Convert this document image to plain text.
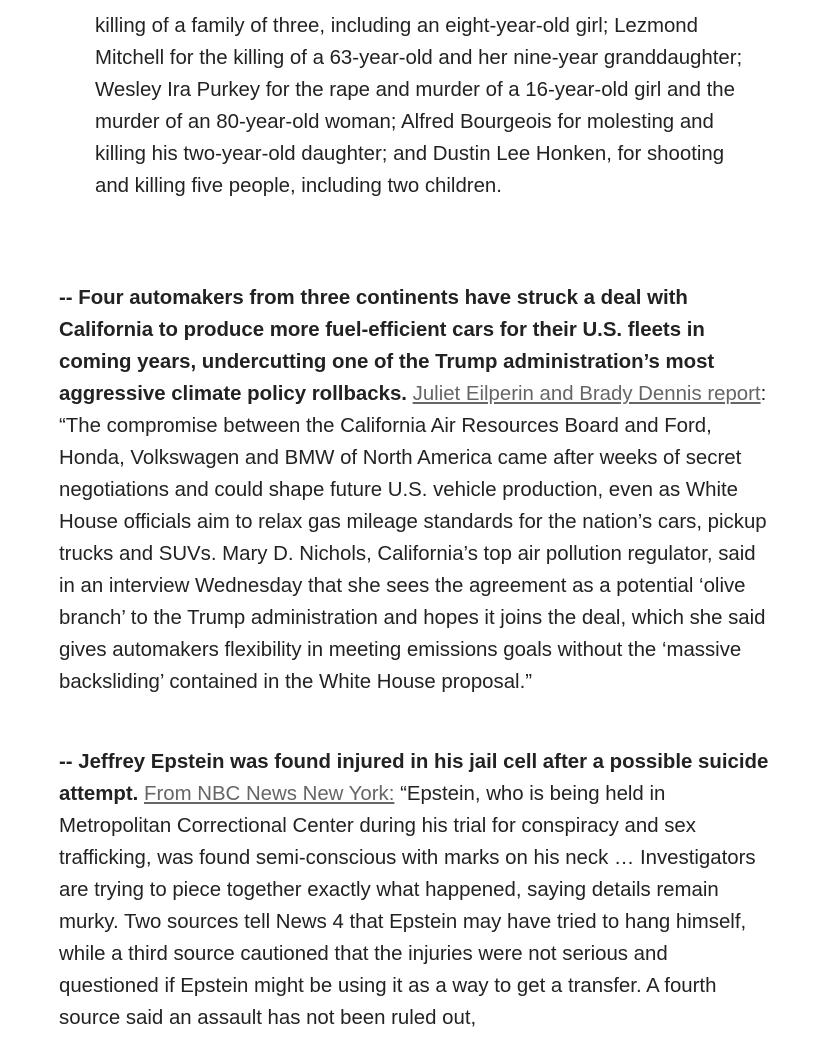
killing of a family of three, including an eight-year-old girl; Lezmond Mitchell for the killing of a 63-year-old and her nine-year granddaughter; Wesley Ira Purkey for the rape and murder of a 16-year-old girl and the murder of an 80-year-old woman; Alfred Bourgeois for molesting and killing his two-year-old daughter; and Dustin Lee Honken, for shooting and killing five people, including two children.

-- Four automakers from three continents have struck a deal with California to produce more fuel-efficient cars for their U.S. fleets in coming years, undercutting one of the Trump administration’s most aggressive climate policy rollbacks. Juliet Eilperin and Brady Dennis report: “The compromise between the California Air Resources Board and Ford, Honda, Volkswagen and BMW of North America came after weeks of secret negotiations and could shape future U.S. vehicle production, even as White House officials aim to relax gas mileage standards for the nation’s cars, pickup trucks and SUVs. Mary D. Nichols, California’s top air pollution regulator, said in an interview Wednesday that she sees the agreement as a potential ‘olive branch’ to the Trump administration and hopes it joins the deal, which she said gives automakers flexibility in meeting emissions goals without the ‘massive backsliding’ contained in the White House proposal.”

-- Jeffrey Epstein was found injured in his jail cell after a possible suicide attempt. From NBC News New York: “Epstein, who is being held in Metropolitan Correctional Center during his trial for conspiracy and sex trafficking, was found semi-conscious with marks on his neck … Investigators are trying to piece together exactly what happened, saying details remain murky. Two sources tell News 4 that Epstein may have tried to hang himself, while a third source cautioned that the injuries were not serious and questioned if Epstein might be using it as a way to get a transfer. A fourth source said an assault has not been ruled out,
